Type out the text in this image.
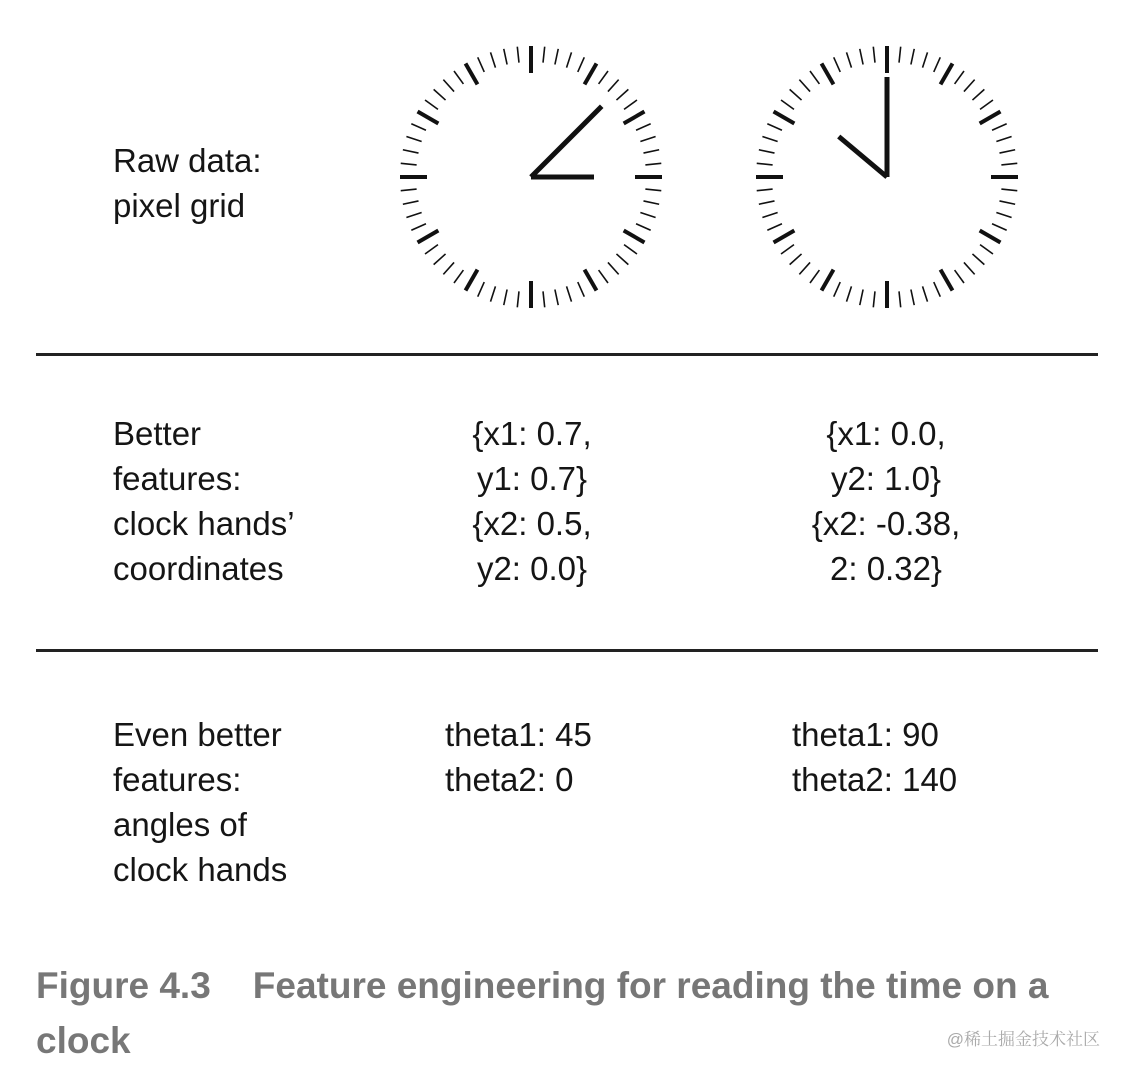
Raw data:
pixel grid
Better
features:
clock hands’
coordinates
{x1: 0.7,
y1: 0.7}
{x2: 0.5,
y2: 0.0}
{x1: 0.0,
y2: 1.0}
{x2: -0.38,
2: 0.32}
Even better
features:
angles of
clock hands
theta1: 45
theta2: 0
theta1: 90
theta2: 140
Figure 4.3 Feature engineering for reading the time on a clock	@稀土掘金技术社区
